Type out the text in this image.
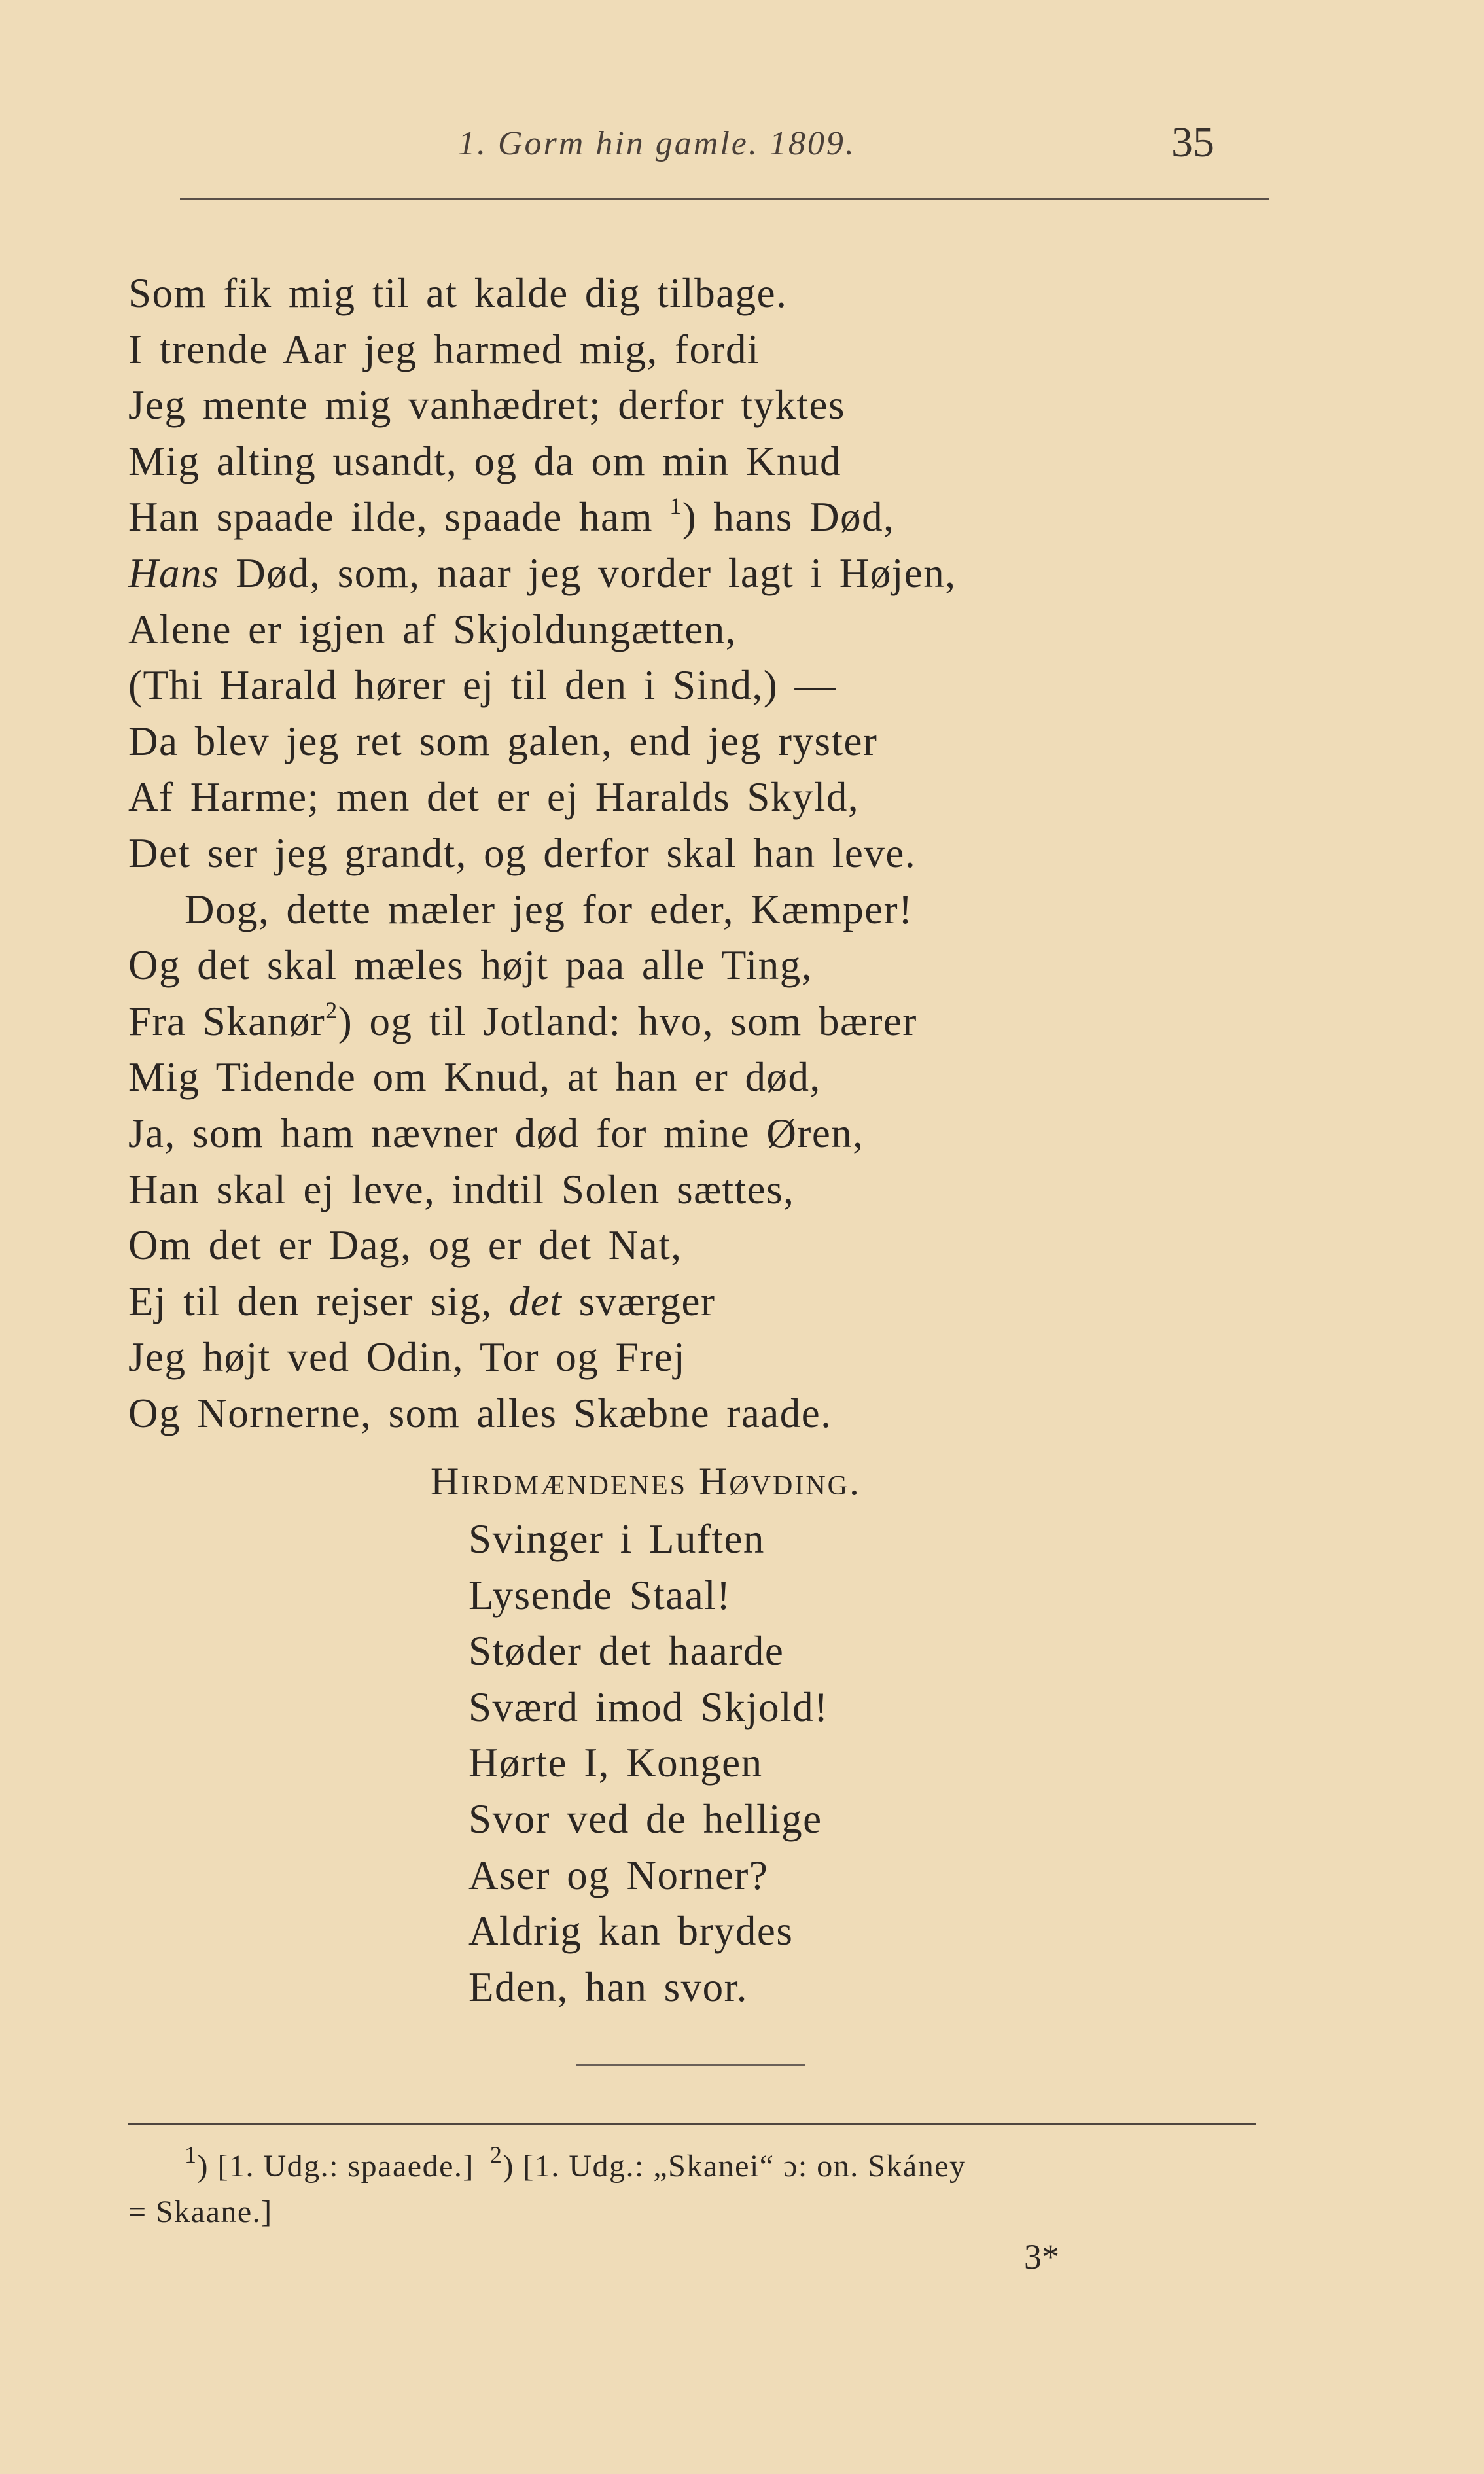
1. Gorm hin gamle. 1809.	35
Som fik mig til at kalde dig tilbage.
I trende Aar jeg harmed mig, fordi
Jeg mente mig vanhædret; derfor tyktes
Mig alting usandt, og da om min Knud
Han spaade ilde, spaade ham $^1$) hans Død,
Hans Død, som, naar jeg vorder lagt i Højen,
Alene er igjen af Skjoldungætten,
(Thi Harald hører ej til den i Sind,) —
Da blev jeg ret som galen, end jeg ryster
Af Harme; men det er ej Haralds Skyld,
Det ser jeg grandt, og derfor skal han leve.
Dog, dette mæler jeg for eder, Kæmper!
Og det skal mæles højt paa alle Ting,
Fra Skanør$^2$) og til Jotland: hvo, som bærer
Mig Tidende om Knud, at han er død,
Ja, som ham nævner død for mine Øren,
Han skal ej leve, indtil Solen sættes,
Om det er Dag, og er det Nat,
Ej til den rejser sig, det sværger
Jeg højt ved Odin, Tor og Frej
Og Nornerne, som alles Skæbne raade.
Hirdmændenes Høvding.
Svinger i Luften
Lysende Staal!
Støder det haarde
Sværd imod Skjold!
Hørte I, Kongen
Svor ved de hellige
Aser og Norner?
Aldrig kan brydes
Eden, han svor.
$^1$) [1. Udg.: spaaede.] $^2$) [1. Udg.: „Skanei“ ɔ: on. Skáney
= Skaane.]
3*
